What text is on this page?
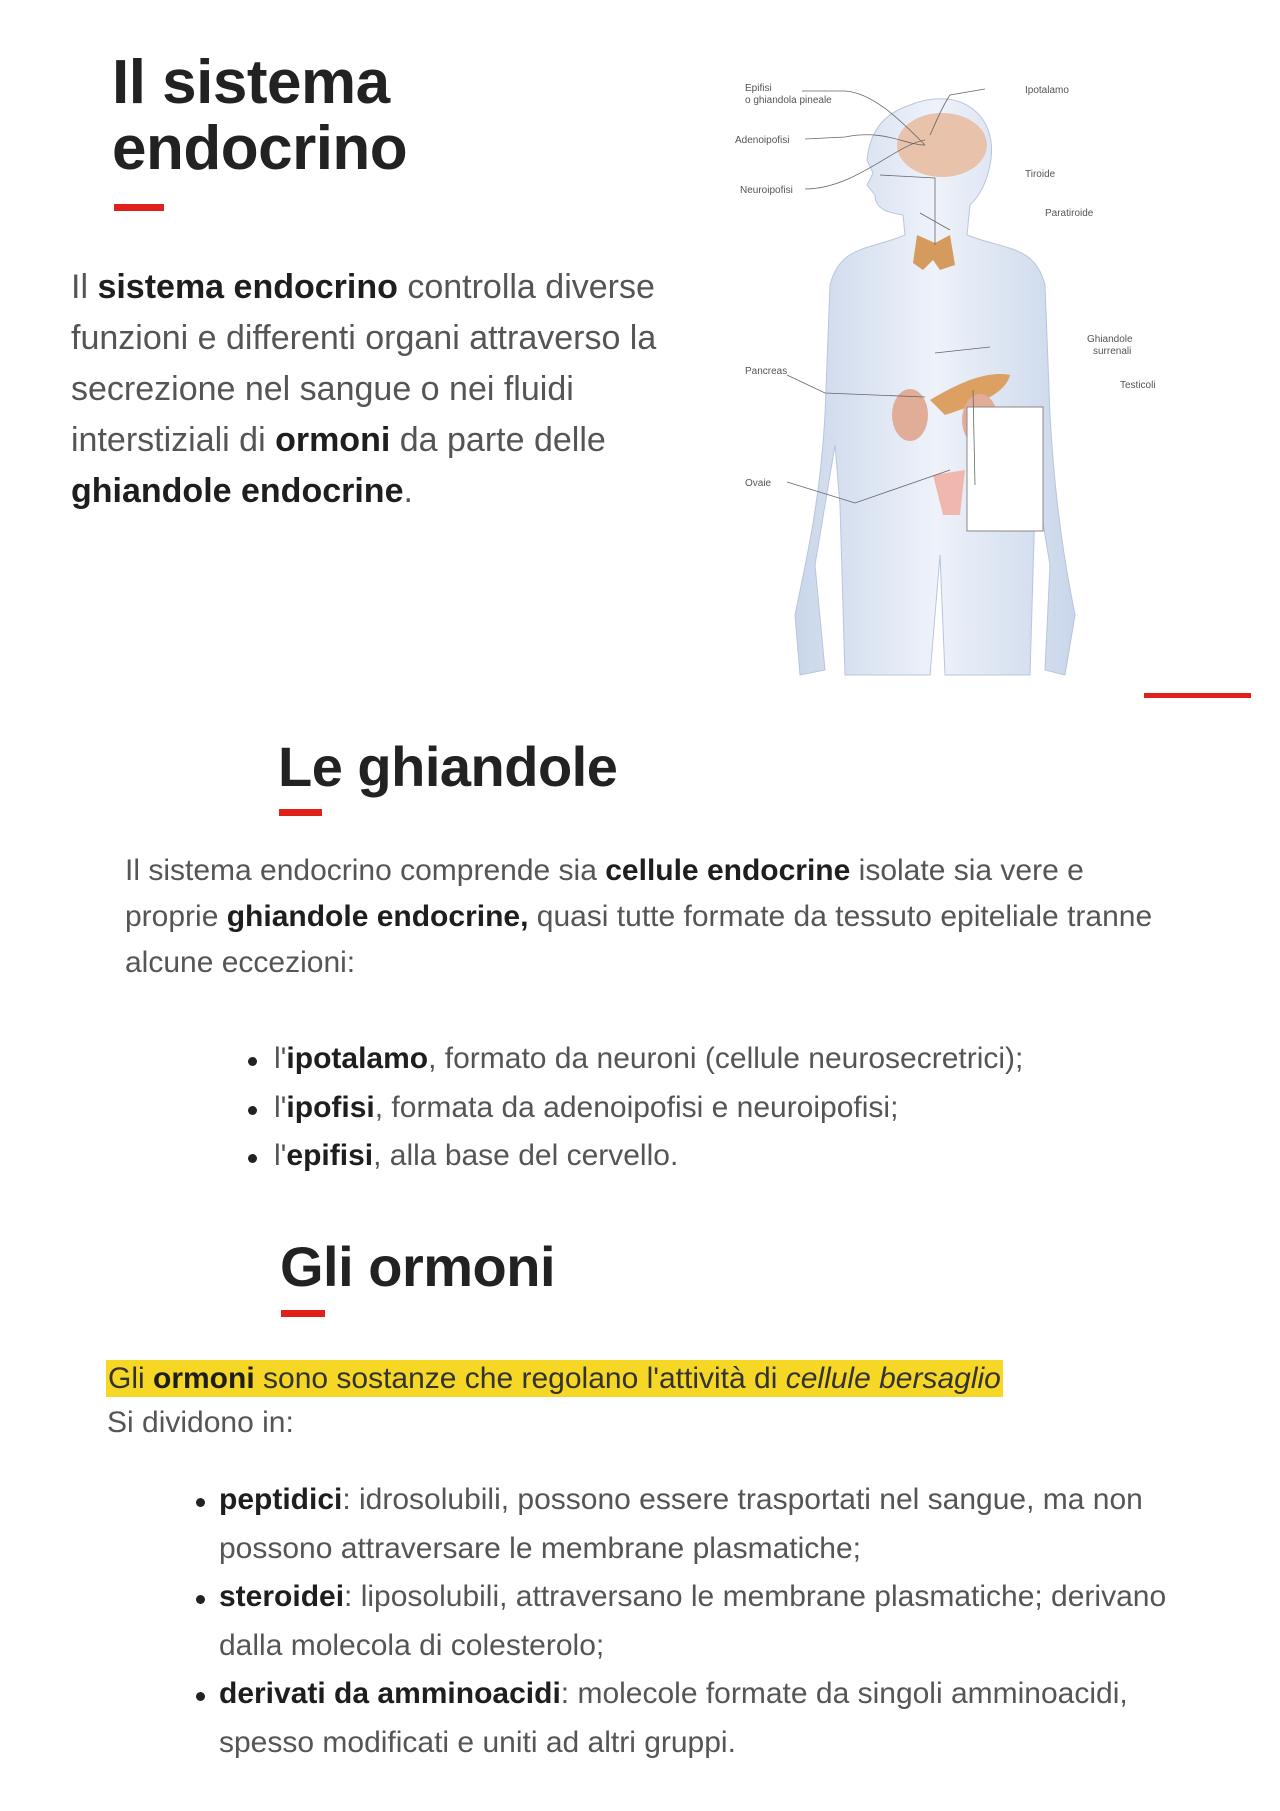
Il sistema
endocrino
Il sistema endocrino controlla diverse funzioni e differenti organi attraverso la secrezione nel sangue o nei fluidi interstiziali di ormoni da parte delle ghiandole endocrine.
Epifisi
o ghiandola pineale
Adenoipofisi
Neuroipofisi
Ipotalamo
Tiroide
Paratiroide
Ghiandole
surrenali
Pancreas
Testicoli
Ovaie
Le ghiandole
Il sistema endocrino comprende sia cellule endocrine isolate sia vere e proprie ghiandole endocrine, quasi tutte formate da tessuto epiteliale tranne alcune eccezioni:
l'ipotalamo, formato da neuroni (cellule neurosecretrici);
l'ipofisi, formata da adenoipofisi e neuroipofisi;
l'epifisi, alla base del cervello.
Gli ormoni
Gli ormoni sono sostanze che regolano l'attività di cellule bersaglio
Si dividono in:
peptidici: idrosolubili, possono essere trasportati nel sangue, ma non possono attraversare le membrane plasmatiche;
steroidei: liposolubili, attraversano le membrane plasmatiche; derivano dalla molecola di colesterolo;
derivati da amminoacidi: molecole formate da singoli amminoacidi, spesso modificati e uniti ad altri gruppi.
